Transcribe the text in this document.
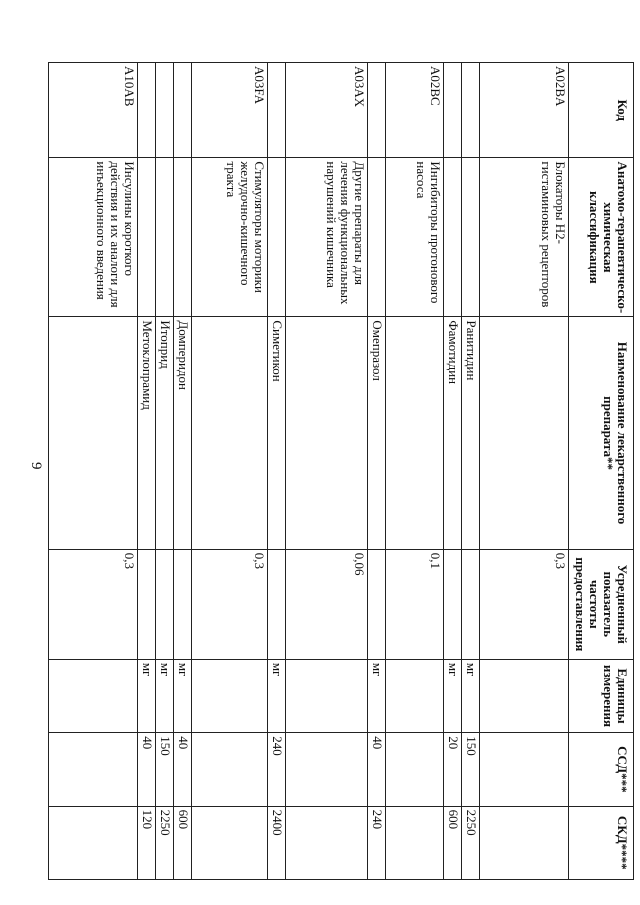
9
Код	Анатомо-терапевтическо-химическая классификация	Наименование лекарственного препарата**	Усредненный показатель частоты предоставления	Единицы измерения	ССД***	СКД****
A02BA	Блокаторы H2-гистаминовых рецепторов		0,3			
		Ранитидин		мг	150	2250
		Фамотидин		мг	20	600
A02BC	Ингибиторы протонового насоса		0,1			
		Омепразол		мг	40	240
A03AX	Другие препараты для лечения функциональных нарушений кишечника		0,06			
		Симетикон		мг	240	2400
A03FA	Стимуляторы моторики желудочно-кишечного тракта		0,3			
		Домперидон		мг	40	600
		Итоприд		мг	150	2250
		Метоклопрамид		мг	40	120
A10AB	Инсулины короткого действия и их аналоги для инъекционного введения		0,3			
